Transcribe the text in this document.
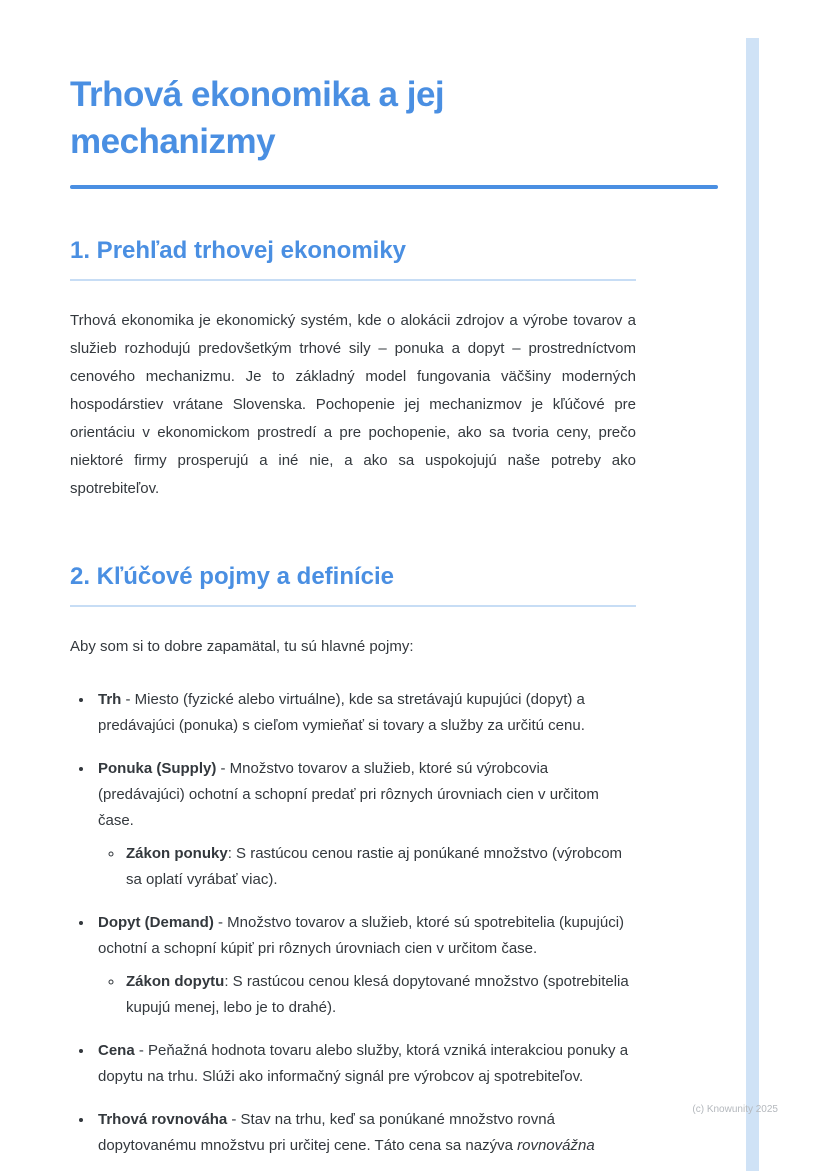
Trhová ekonomika a jej mechanizmy
1. Prehľad trhovej ekonomiky

Trhová ekonomika je ekonomický systém, kde o alokácii zdrojov a výrobe tovarov a služieb rozhodujú predovšetkým trhové sily – ponuka a dopyt – prostredníctvom cenového mechanizmu. Je to základný model fungovania väčšiny moderných hospodárstiev vrátane Slovenska. Pochopenie jej mechanizmov je kľúčové pre orientáciu v ekonomickom prostredí a pre pochopenie, ako sa tvoria ceny, prečo niektoré firmy prosperujú a iné nie, a ako sa uspokojujú naše potreby ako spotrebiteľov.

2. Kľúčové pojmy a definície

Aby som si to dobre zapamätal, tu sú hlavné pojmy:

• Trh - Miesto (fyzické alebo virtuálne), kde sa stretávajú kupujúci (dopyt) a predávajúci (ponuka) s cieľom vymieňať si tovary a služby za určitú cenu.
• Ponuka (Supply) - Množstvo tovarov a služieb, ktoré sú výrobcovia (predávajúci) ochotní a schopní predať pri rôznych úrovniach cien v určitom čase.
◦ Zákon ponuky: S rastúcou cenou rastie aj ponúkané množstvo (výrobcom sa oplatí vyrábať viac).
• Dopyt (Demand) - Množstvo tovarov a služieb, ktoré sú spotrebitelia (kupujúci) ochotní a schopní kúpiť pri rôznych úrovniach cien v určitom čase.
◦ Zákon dopytu: S rastúcou cenou klesá dopytované množstvo (spotrebitelia kupujú menej, lebo je to drahé).
• Cena - Peňažná hodnota tovaru alebo služby, ktorá vzniká interakciou ponuky a dopytu na trhu. Slúži ako informačný signál pre výrobcov aj spotrebiteľov.
• Trhová rovnováha - Stav na trhu, keď sa ponúkané množstvo rovná dopytovanému množstvu pri určitej cene. Táto cena sa nazýva rovnovážna
(c) Knowunity 2025
